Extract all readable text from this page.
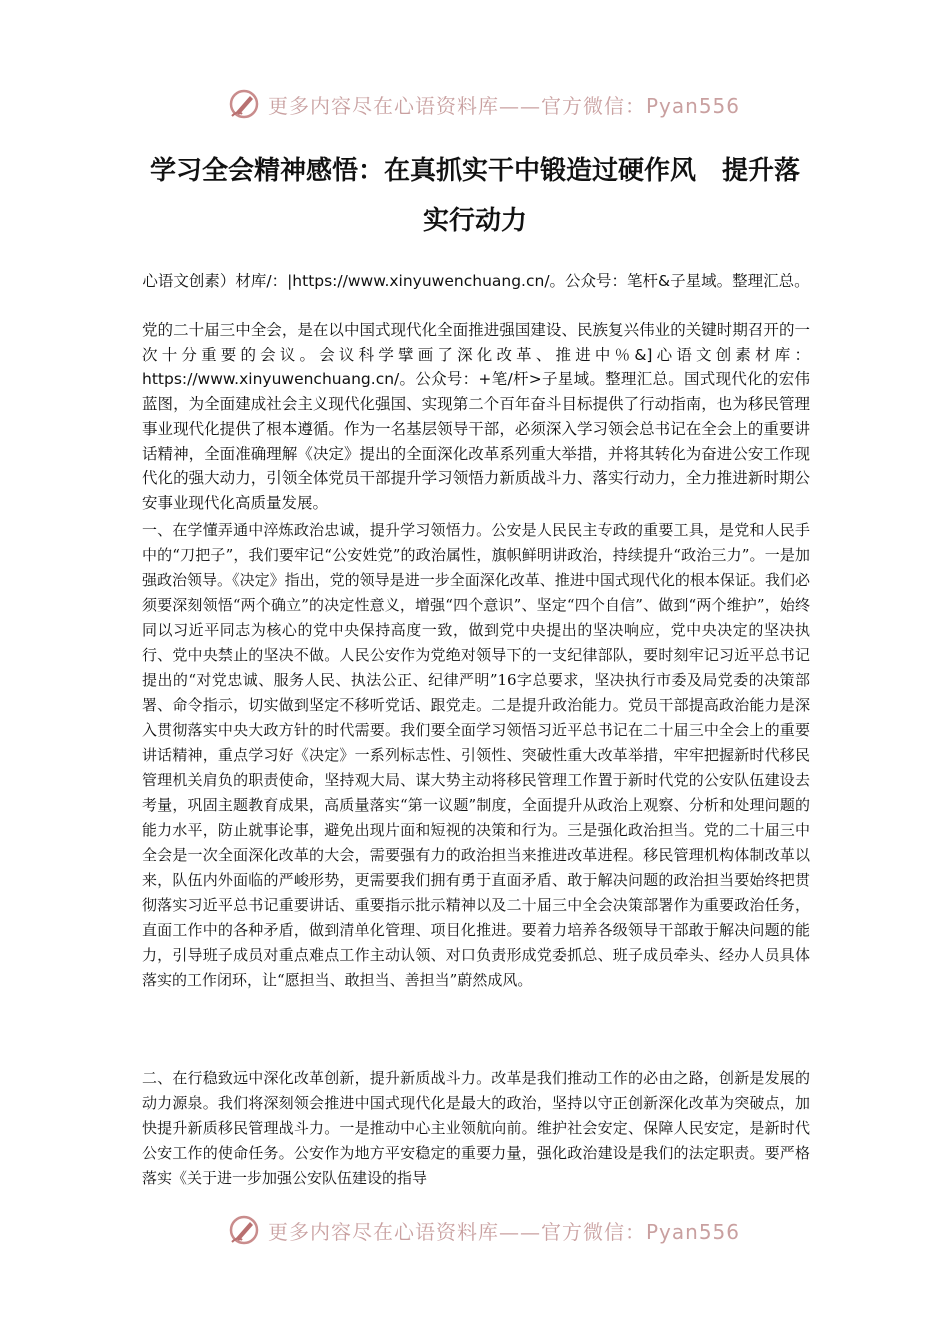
更多内容尽在心语资料库——官方微信：Pyan556
学习全会精神感悟：在真抓实干中锻造过硬作风　提升落实行动力

心语文创素）材库/：|https://www.xinyuwenchuang.cn/。公众号：笔杆&子星域。整理汇总。

党的二十届三中全会，是在以中国式现代化全面推进强国建设、民族复兴伟业的关键时期召开的一次十分重要的会议。会议科学擘画了深化改革、推进中％&]心语文创素材库：https://www.xinyuwenchuang.cn/。公众号：+笔/杆>子星域。整理汇总。国式现代化的宏伟蓝图，为全面建成社会主义现代化强国、实现第二个百年奋斗目标提供了行动指南，也为移民管理事业现代化提供了根本遵循。作为一名基层领导干部，必须深入学习领会总书记在全会上的重要讲话精神，全面准确理解《决定》提出的全面深化改革系列重大举措，并将其转化为奋进公安工作现代化的强大动力，引领全体党员干部提升学习领悟力新质战斗力、落实行动力，全力推进新时期公安事业现代化高质量发展。

一、在学懂弄通中淬炼政治忠诚，提升学习领悟力。公安是人民民主专政的重要工具，是党和人民手中的“刀把子”，我们要牢记“公安姓党”的政治属性，旗帜鲜明讲政治，持续提升“政治三力”。一是加强政治领导。《决定》指出，党的领导是进一步全面深化改革、推进中国式现代化的根本保证。我们必须要深刻领悟“两个确立”的决定性意义，增强“四个意识”、坚定“四个自信”、做到“两个维护”，始终同以习近平同志为核心的党中央保持高度一致，做到党中央提出的坚决响应，党中央决定的坚决执行、党中央禁止的坚决不做。人民公安作为党绝对领导下的一支纪律部队，要时刻牢记习近平总书记提出的“对党忠诚、服务人民、执法公正、纪律严明”16字总要求，坚决执行市委及局党委的决策部署、命令指示，切实做到坚定不移听党话、跟党走。二是提升政治能力。党员干部提高政治能力是深入贯彻落实中央大政方针的时代需要。我们要全面学习领悟习近平总书记在二十届三中全会上的重要讲话精神，重点学习好《决定》一系列标志性、引领性、突破性重大改革举措，牢牢把握新时代移民管理机关肩负的职责使命，坚持观大局、谋大势主动将移民管理工作置于新时代党的公安队伍建设去考量，巩固主题教育成果，高质量落实“第一议题”制度，全面提升从政治上观察、分析和处理问题的能力水平，防止就事论事，避免出现片面和短视的决策和行为。三是强化政治担当。党的二十届三中全会是一次全面深化改革的大会，需要强有力的政治担当来推进改革进程。移民管理机构体制改革以来，队伍内外面临的严峻形势，更需要我们拥有勇于直面矛盾、敢于解决问题的政治担当要始终把贯彻落实习近平总书记重要讲话、重要指示批示精神以及二十届三中全会决策部署作为重要政治任务，直面工作中的各种矛盾，做到清单化管理、项目化推进。要着力培养各级领导干部敢于解决问题的能力，引导班子成员对重点难点工作主动认领、对口负责形成党委抓总、班子成员牵头、经办人员具体落实的工作闭环，让“愿担当、敢担当、善担当”蔚然成风。

二、在行稳致远中深化改革创新，提升新质战斗力。改革是我们推动工作的必由之路，创新是发展的动力源泉。我们将深刻领会推进中国式现代化是最大的政治，坚持以守正创新深化改革为突破点，加快提升新质移民管理战斗力。一是推动中心主业领航向前。维护社会安定、保障人民安定，是新时代公安工作的使命任务。公安作为地方平安稳定的重要力量，强化政治建设是我们的法定职责。要严格落实《关于进一步加强公安队伍建设的指导

更多内容尽在心语资料库——官方微信：Pyan556
